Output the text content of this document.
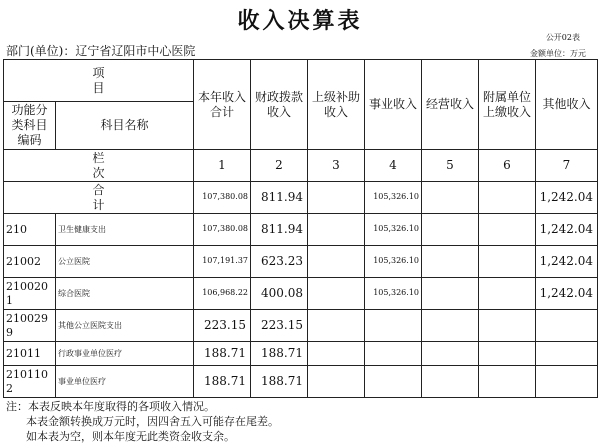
收入决算表
公开02表
部门(单位)：辽宁省辽阳市中心医院	金额单位：万元
项目		本年收入合计	财政拨款收入	上级补助收入	事业收入	经营收入	附属单位上缴收入	其他收入
功能分类科目编码	科目名称							
栏次		1	2	3	4	5	6	7
合计		107,380.08	811.94		105,326.10			1,242.04
210	卫生健康支出	107,380.08	811.94		105,326.10			1,242.04
21002	公立医院	107,191.37	623.23		105,326.10			1,242.04
2100201	综合医院	106,968.22	400.08		105,326.10			1,242.04
2100299	其他公立医院支出	223.15	223.15					
21011	行政事业单位医疗	188.71	188.71					
2101102	事业单位医疗	188.71	188.71					
注：本表反映本年度取得的各项收入情况。
本表金额转换成万元时，因四舍五入可能存在尾差。
如本表为空，则本年度无此类资金收支余。
